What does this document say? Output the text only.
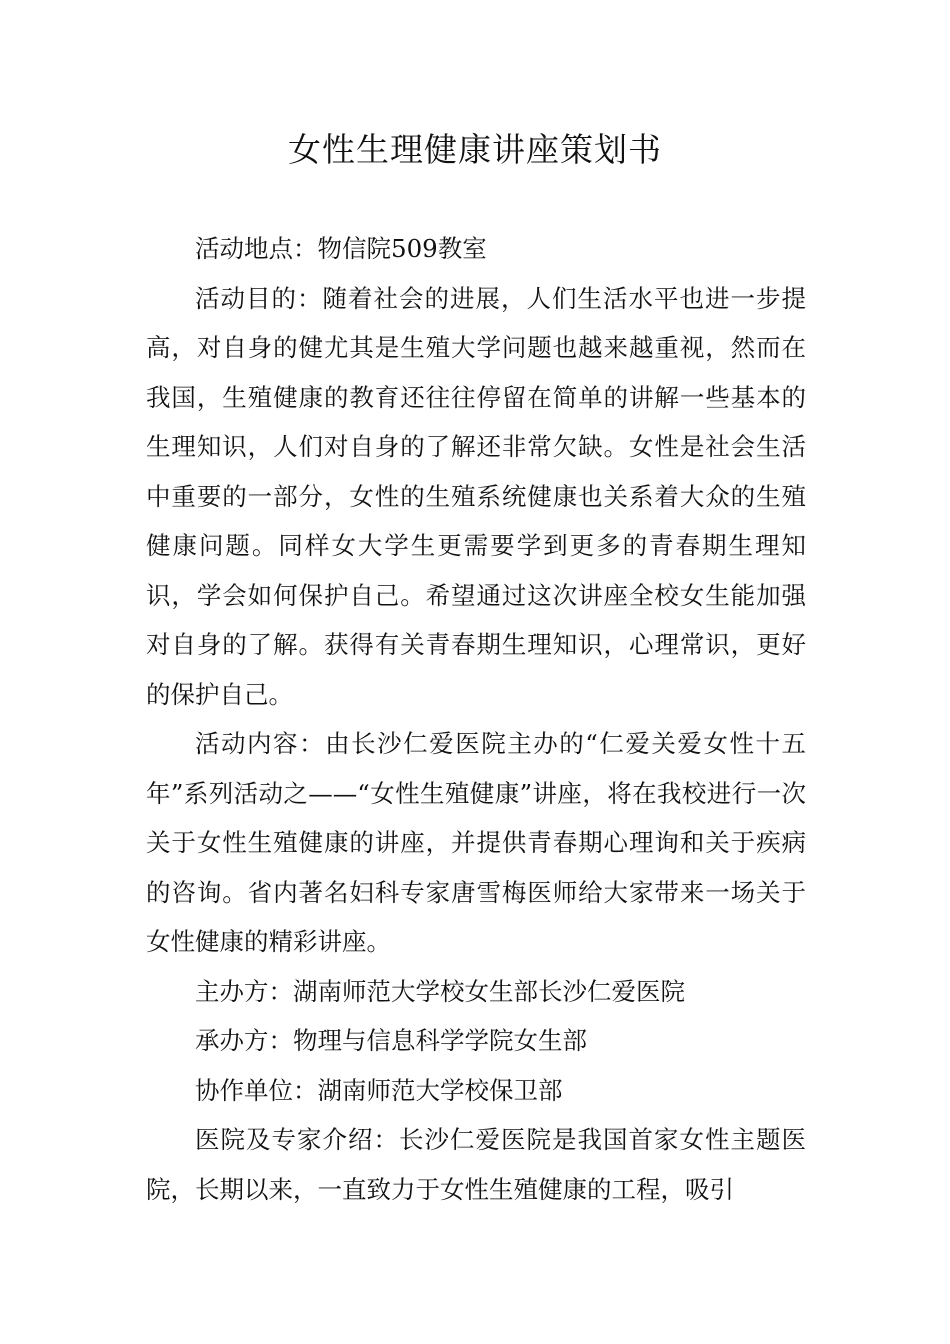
女性生理健康讲座策划书

活动地点：物信院509教室

活动目的：随着社会的进展，人们生活水平也进一步提高，对自身的健尤其是生殖大学问题也越来越重视，然而在我国，生殖健康的教育还往往停留在简单的讲解一些基本的生理知识，人们对自身的了解还非常欠缺。女性是社会生活中重要的一部分，女性的生殖系统健康也关系着大众的生殖健康问题。同样女大学生更需要学到更多的青春期生理知识，学会如何保护自己。希望通过这次讲座全校女生能加强对自身的了解。获得有关青春期生理知识，心理常识，更好的保护自己。

活动内容：由长沙仁爱医院主办的“仁爱关爱女性十五年”系列活动之——“女性生殖健康”讲座，将在我校进行一次关于女性生殖健康的讲座，并提供青春期心理询和关于疾病的咨询。省内著名妇科专家唐雪梅医师给大家带来一场关于女性健康的精彩讲座。

主办方：湖南师范大学校女生部长沙仁爱医院

承办方：物理与信息科学学院女生部

协作单位：湖南师范大学校保卫部

医院及专家介绍：长沙仁爱医院是我国首家女性主题医院，长期以来，一直致力于女性生殖健康的工程，吸引
